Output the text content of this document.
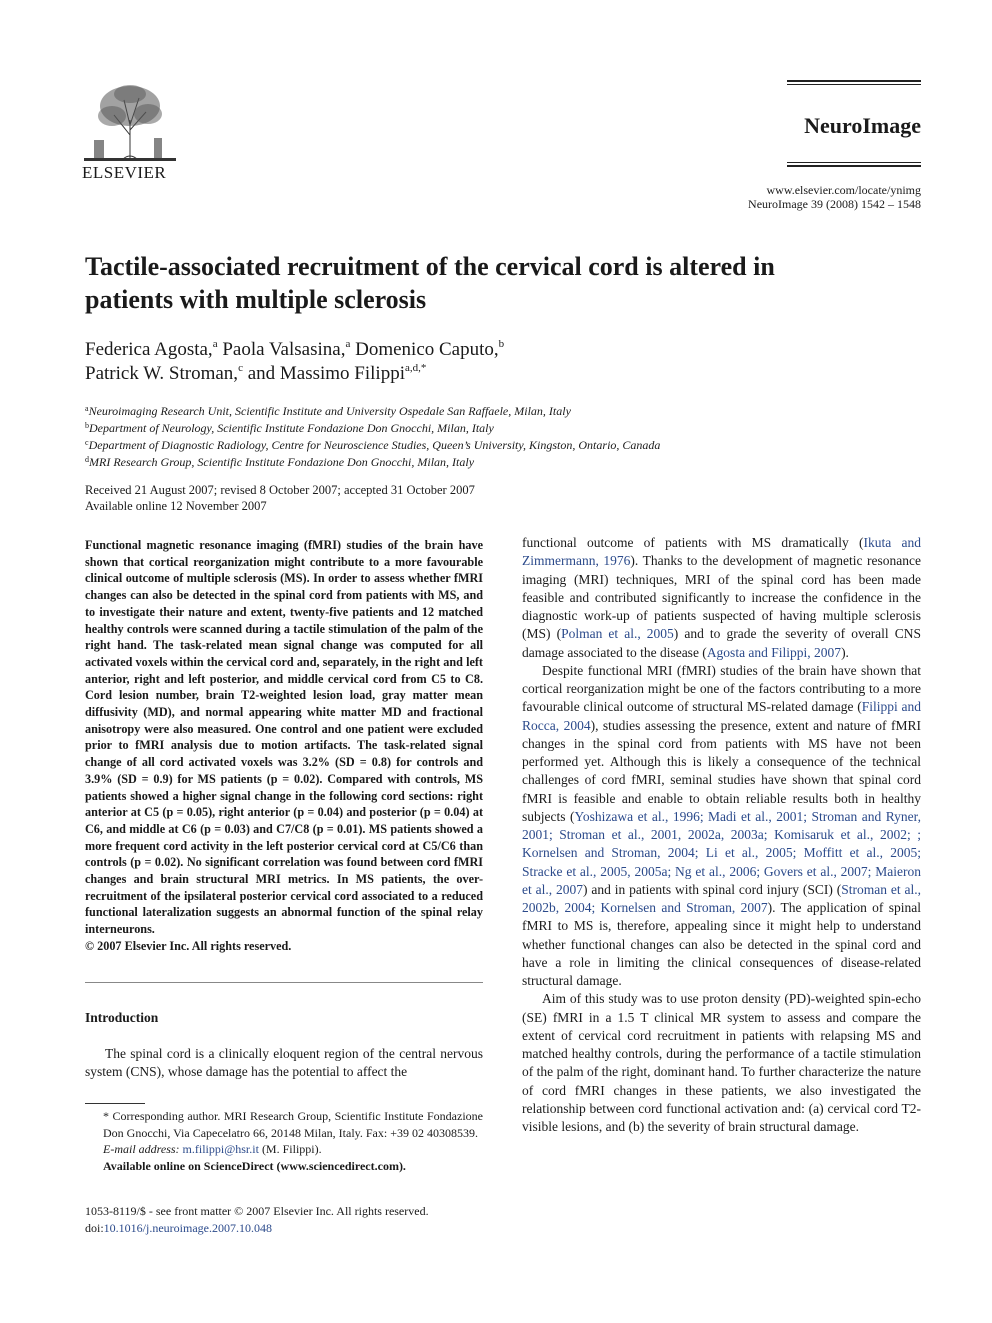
ELSEVIER
NeuroImage
www.elsevier.com/locate/ynimg
NeuroImage 39 (2008) 1542 – 1548
Tactile-associated recruitment of the cervical cord is altered in
patients with multiple sclerosis
Federica Agosta,$^a$ Paola Valsasina,$^a$ Domenico Caputo,$^b$
Patrick W. Stroman,$^c$ and Massimo Filippi$^{a,d,*}$
$^a$Neuroimaging Research Unit, Scientific Institute and University Ospedale San Raffaele, Milan, Italy
$^b$Department of Neurology, Scientific Institute Fondazione Don Gnocchi, Milan, Italy
$^c$Department of Diagnostic Radiology, Centre for Neuroscience Studies, Queen’s University, Kingston, Ontario, Canada
$^d$MRI Research Group, Scientific Institute Fondazione Don Gnocchi, Milan, Italy
Received 21 August 2007; revised 8 October 2007; accepted 31 October 2007
Available online 12 November 2007
Functional magnetic resonance imaging (fMRI) studies of the brain have shown that cortical reorganization might contribute to a more favourable clinical outcome of multiple sclerosis (MS). In order to assess whether fMRI changes can also be detected in the spinal cord from patients with MS, and to investigate their nature and extent, twenty-five patients and 12 matched healthy controls were scanned during a tactile stimulation of the palm of the right hand. The task-related mean signal change was computed for all activated voxels within the cervical cord and, separately, in the right and left anterior, right and left posterior, and middle cervical cord from C5 to C8. Cord lesion number, brain T2-weighted lesion load, gray matter mean diffusivity (MD), and normal appearing white matter MD and fractional anisotropy were also measured. One control and one patient were excluded prior to fMRI analysis due to motion artifacts. The task-related signal change of all cord activated voxels was 3.2% (SD = 0.8) for controls and 3.9% (SD = 0.9) for MS patients (p = 0.02). Compared with controls, MS patients showed a higher signal change in the following cord sections: right anterior at C5 (p = 0.05), right anterior (p = 0.04) and posterior (p = 0.04) at C6, and middle at C6 (p = 0.03) and C7/C8 (p = 0.01). MS patients showed a more frequent cord activity in the left posterior cervical cord at C5/C6 than controls (p = 0.02). No significant correlation was found between cord fMRI changes and brain structural MRI metrics. In MS patients, the over-recruitment of the ipsilateral posterior cervical cord associated to a reduced functional lateralization suggests an abnormal function of the spinal relay interneurons.
© 2007 Elsevier Inc. All rights reserved.
Introduction
The spinal cord is a clinically eloquent region of the central nervous system (CNS), whose damage has the potential to affect the
* Corresponding author. MRI Research Group, Scientific Institute Fondazione Don Gnocchi, Via Capecelatro 66, 20148 Milan, Italy. Fax: +39 02 40308539.
E-mail address: m.filippi@hsr.it (M. Filippi).
Available online on ScienceDirect (www.sciencedirect.com).
1053-8119/$ - see front matter © 2007 Elsevier Inc. All rights reserved.
doi:10.1016/j.neuroimage.2007.10.048

functional outcome of patients with MS dramatically (Ikuta and Zimmermann, 1976). Thanks to the development of magnetic resonance imaging (MRI) techniques, MRI of the spinal cord has been made feasible and contributed significantly to increase the confidence in the diagnostic work-up of patients suspected of having multiple sclerosis (MS) (Polman et al., 2005) and to grade the severity of overall CNS damage associated to the disease (Agosta and Filippi, 2007).

Despite functional MRI (fMRI) studies of the brain have shown that cortical reorganization might be one of the factors contributing to a more favourable clinical outcome of structural MS-related damage (Filippi and Rocca, 2004), studies assessing the presence, extent and nature of fMRI changes in the spinal cord from patients with MS have not been performed yet. Although this is likely a consequence of the technical challenges of cord fMRI, seminal studies have shown that spinal cord fMRI is feasible and enable to obtain reliable results both in healthy subjects (Yoshizawa et al., 1996; Madi et al., 2001; Stroman and Ryner, 2001; Stroman et al., 2001, 2002a, 2003a; Komisaruk et al., 2002; ; Kornelsen and Stroman, 2004; Li et al., 2005; Moffitt et al., 2005; Stracke et al., 2005, 2005a; Ng et al., 2006; Govers et al., 2007; Maieron et al., 2007) and in patients with spinal cord injury (SCI) (Stroman et al., 2002b, 2004; Kornelsen and Stroman, 2007). The application of spinal fMRI to MS is, therefore, appealing since it might help to understand whether functional changes can also be detected in the spinal cord and have a role in limiting the clinical consequences of disease-related structural damage.

Aim of this study was to use proton density (PD)-weighted spin-echo (SE) fMRI in a 1.5 T clinical MR system to assess and compare the extent of cervical cord recruitment in patients with relapsing MS and matched healthy controls, during the performance of a tactile stimulation of the palm of the right, dominant hand. To further characterize the nature of cord fMRI changes in these patients, we also investigated the relationship between cord functional activation and: (a) cervical cord T2-visible lesions, and (b) the severity of brain structural damage.
